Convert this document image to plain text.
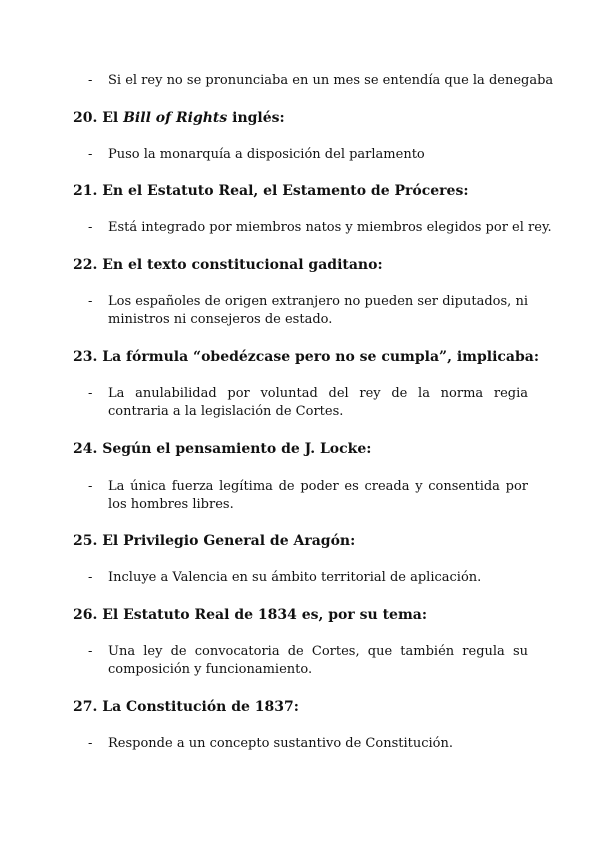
-	Si el rey no se pronunciaba en un mes se entendía que la denegaba
20. El Bill of Rights inglés:
-	Puso la monarquía a disposición del parlamento
21. En el Estatuto Real, el Estamento de Próceres:
-	Está integrado por miembros natos y miembros elegidos por el rey.
22. En el texto constitucional gaditano:
-	Los españoles de origen extranjero no pueden ser diputados, ni ministros ni consejeros de estado.
23. La fórmula “obedézcase pero no se cumpla”, implicaba:
-	La anulabilidad por voluntad del rey de la norma regia contraria a la legislación de Cortes.
24. Según el pensamiento de J. Locke:
-	La única fuerza legítima de poder es creada y consentida por los hombres libres.
25. El Privilegio General de Aragón:
-	Incluye a Valencia en su ámbito territorial de aplicación.
26. El Estatuto Real de 1834 es, por su tema:
-	Una ley de convocatoria de Cortes, que también regula su composición y funcionamiento.
27. La Constitución de 1837:
-	Responde a un concepto sustantivo de Constitución.
